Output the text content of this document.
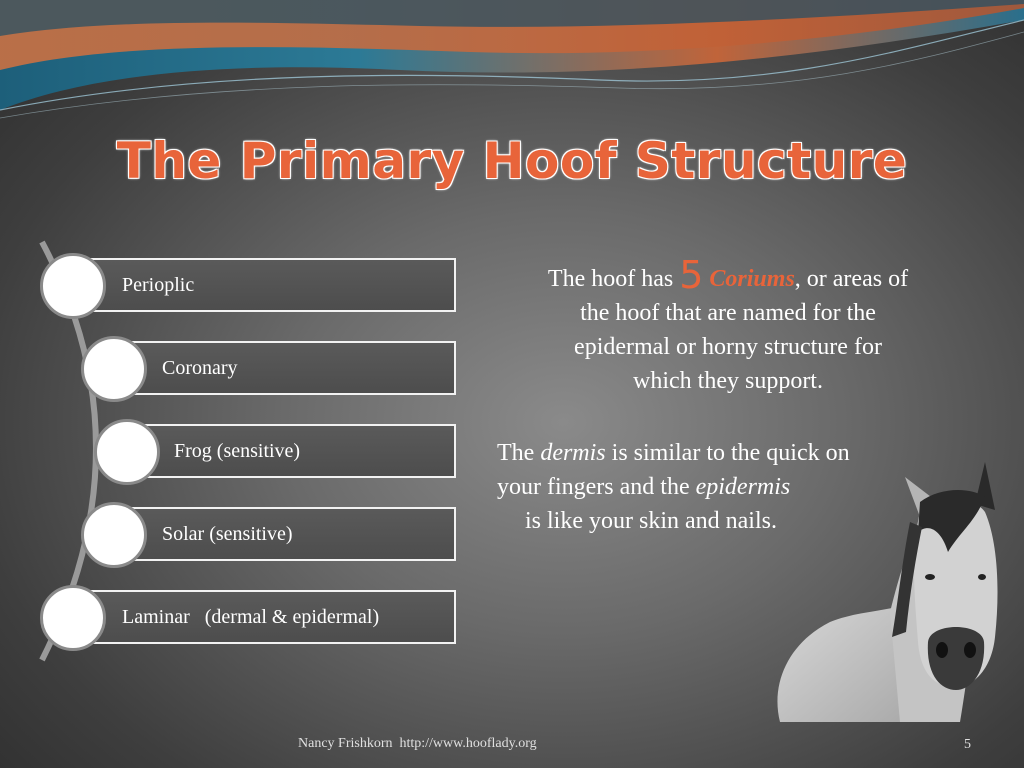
The Primary Hoof Structure
Perioplic
Coronary
Frog (sensitive)
Solar (sensitive)
Laminar   (dermal & epidermal)
The hoof has 5 Coriums, or areas of
the hoof that are named for the
epidermal or horny structure for
which they support.
The dermis is similar to the quick on
your fingers and the epidermis
is like your skin and nails.
Nancy Frishkorn  http://www.hooflady.org	5
